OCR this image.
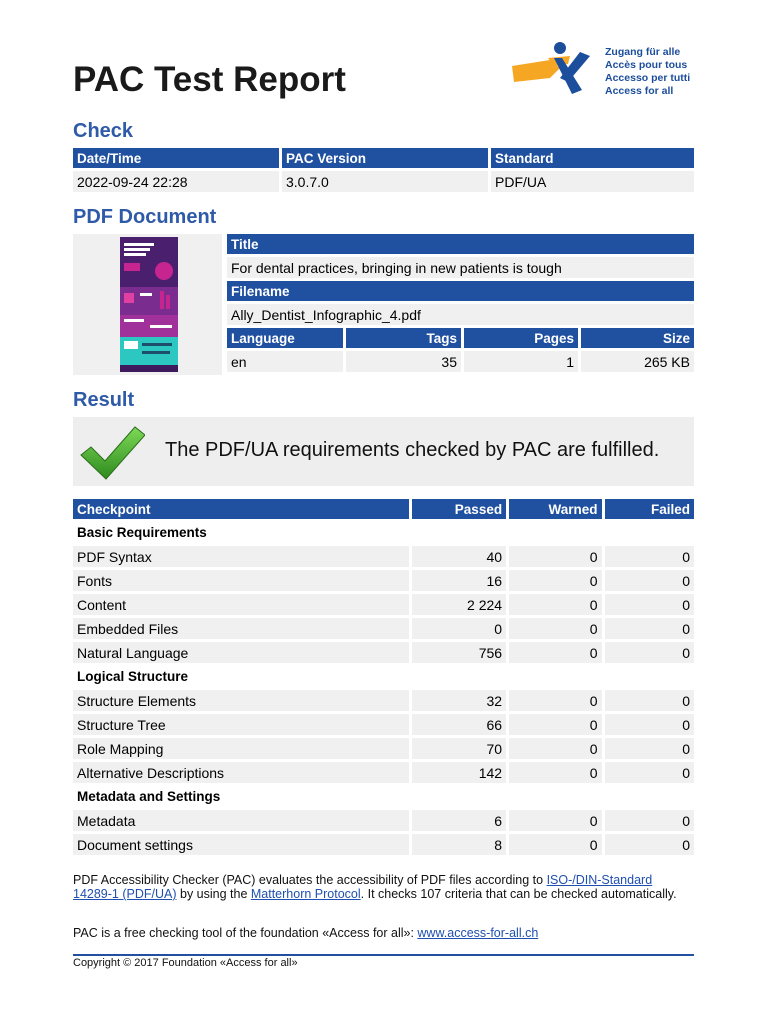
PAC Test Report
Zugang für alle
Accès pour tous
Accesso per tutti
Access for all
Check
Date/Time	PAC Version	Standard
2022-09-24 22:28	3.0.7.0	PDF/UA
PDF Document
Title			
For dental practices, bringing in new patients is tough			
Filename			
Ally_Dentist_Infographic_4.pdf			
Language	Tags	Pages	Size
en	35	1	265 KB
Result
The PDF/UA requirements checked by PAC are fulfilled.
Checkpoint	Passed	Warned	Failed
Basic Requirements			
PDF Syntax	40	0	0
Fonts	16	0	0
Content	2 224	0	0
Embedded Files	0	0	0
Natural Language	756	0	0
Logical Structure			
Structure Elements	32	0	0
Structure Tree	66	0	0
Role Mapping	70	0	0
Alternative Descriptions	142	0	0
Metadata and Settings			
Metadata	6	0	0
Document settings	8	0	0
PDF Accessibility Checker (PAC) evaluates the accessibility of PDF files according to ISO-/DIN-Standard 14289-1 (PDF/UA) by using the Matterhorn Protocol. It checks 107 criteria that can be checked automatically.
PAC is a free checking tool of the foundation «Access for all»: www.access-for-all.ch
Copyright © 2017 Foundation «Access for all»
